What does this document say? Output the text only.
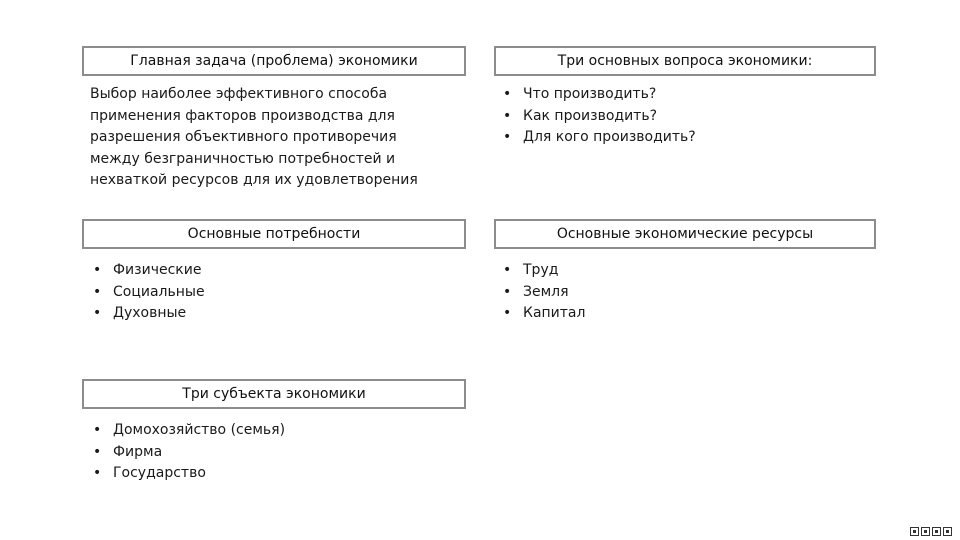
Главная задача (проблема) экономики
Выбор наиболее эффективного способа
применения факторов производства для
разрешения объективного противоречия
между безграничностью потребностей и
нехваткой ресурсов для их удовлетворения
Три основных вопроса экономики:
• Что производить?
• Как производить?
• Для кого производить?
Основные потребности
• Физические
• Социальные
• Духовные
Основные экономические ресурсы
• Труд
• Земля
• Капитал
Три субъекта экономики
• Домохозяйство (семья)
• Фирма
• Государство
